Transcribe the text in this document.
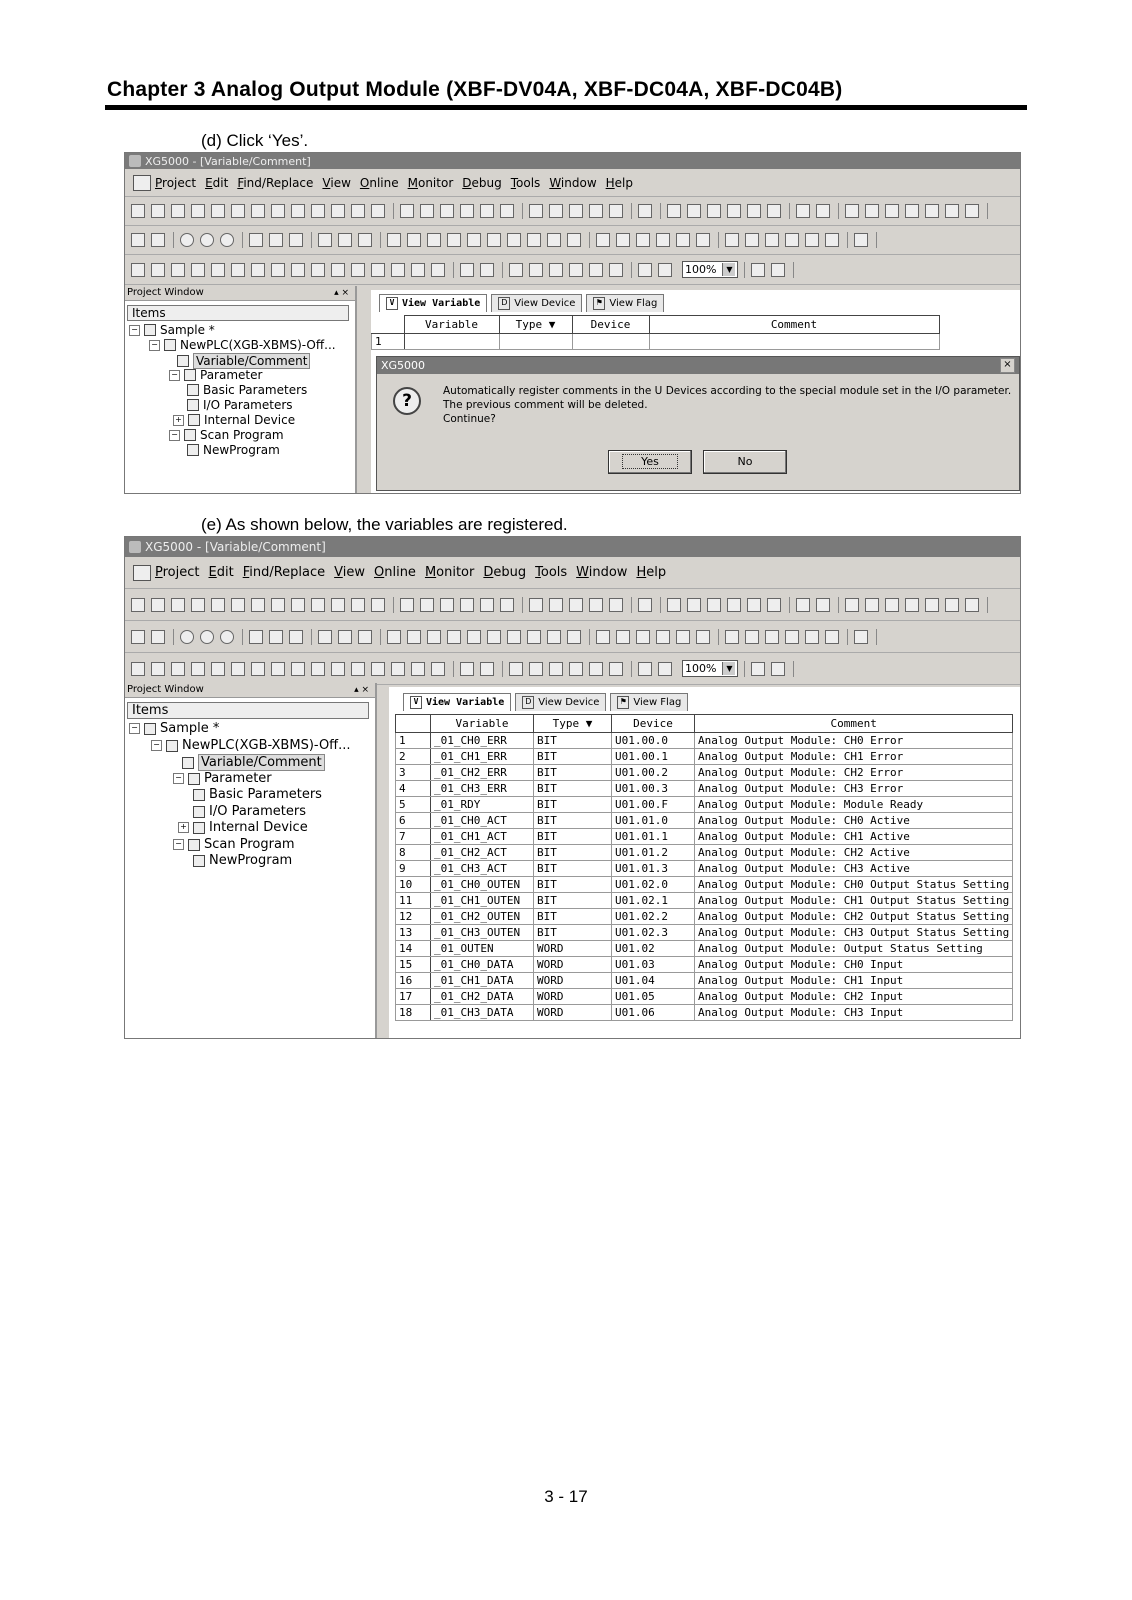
Chapter 3 Analog Output Module (XBF-DV04A, XBF-DC04A, XBF-DC04B)
(d) Click ‘Yes’.
XG5000 - [Variable/Comment]
Project Edit Find/Replace View Online Monitor Debug Tools Window Help
100%	▼
Project Window	▴ ×
Items
− Sample *
− NewPLC(XGB-XBMS)-Off...
Variable/Comment
− Parameter
Basic Parameters
I/O Parameters
+ Internal Device
− Scan Program
NewProgram
V View Variable	D View Device	⚑ View Flag
	Variable	Type ▼	Device	Comment
1				
XG5000	×
?	Automatically register comments in the U Devices according to the special module set in the I/O parameter.
The previous comment will be deleted.
Continue?
Yes	No
(e) As shown below, the variables are registered.
XG5000 - [Variable/Comment]
Project Edit Find/Replace View Online Monitor Debug Tools Window Help
100%	▼
Project Window	▴ ×
Items
− Sample *
− NewPLC(XGB-XBMS)-Off...
Variable/Comment
− Parameter
Basic Parameters
I/O Parameters
+ Internal Device
− Scan Program
NewProgram
V View Variable	D View Device	⚑ View Flag
	Variable	Type ▼	Device	Comment
1	_01_CH0_ERR	BIT	U01.00.0	Analog Output Module: CH0 Error
2	_01_CH1_ERR	BIT	U01.00.1	Analog Output Module: CH1 Error
3	_01_CH2_ERR	BIT	U01.00.2	Analog Output Module: CH2 Error
4	_01_CH3_ERR	BIT	U01.00.3	Analog Output Module: CH3 Error
5	_01_RDY	BIT	U01.00.F	Analog Output Module: Module Ready
6	_01_CH0_ACT	BIT	U01.01.0	Analog Output Module: CH0 Active
7	_01_CH1_ACT	BIT	U01.01.1	Analog Output Module: CH1 Active
8	_01_CH2_ACT	BIT	U01.01.2	Analog Output Module: CH2 Active
9	_01_CH3_ACT	BIT	U01.01.3	Analog Output Module: CH3 Active
10	_01_CH0_OUTEN	BIT	U01.02.0	Analog Output Module: CH0 Output Status Setting
11	_01_CH1_OUTEN	BIT	U01.02.1	Analog Output Module: CH1 Output Status Setting
12	_01_CH2_OUTEN	BIT	U01.02.2	Analog Output Module: CH2 Output Status Setting
13	_01_CH3_OUTEN	BIT	U01.02.3	Analog Output Module: CH3 Output Status Setting
14	_01_OUTEN	WORD	U01.02	Analog Output Module: Output Status Setting
15	_01_CH0_DATA	WORD	U01.03	Analog Output Module: CH0 Input
16	_01_CH1_DATA	WORD	U01.04	Analog Output Module: CH1 Input
17	_01_CH2_DATA	WORD	U01.05	Analog Output Module: CH2 Input
18	_01_CH3_DATA	WORD	U01.06	Analog Output Module: CH3 Input
3 - 17
